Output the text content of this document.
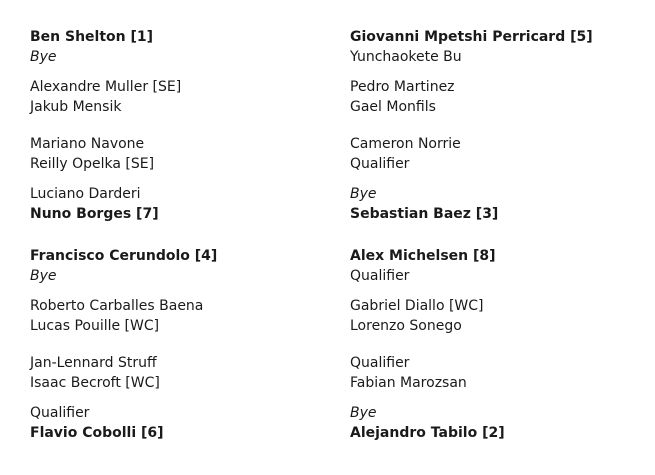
Ben Shelton [1]
Bye
Alexandre Muller [SE]
Jakub Mensik
Mariano Navone
Reilly Opelka [SE]
Luciano Darderi
Nuno Borges [7]
Francisco Cerundolo [4]
Bye
Roberto Carballes Baena
Lucas Pouille [WC]
Jan-Lennard Struff
Isaac Becroft [WC]
Qualifier
Flavio Cobolli [6]
Giovanni Mpetshi Perricard [5]
Yunchaokete Bu
Pedro Martinez
Gael Monfils
Cameron Norrie
Qualifier
Bye
Sebastian Baez [3]
Alex Michelsen [8]
Qualifier
Gabriel Diallo [WC]
Lorenzo Sonego
Qualifier
Fabian Marozsan
Bye
Alejandro Tabilo [2]
